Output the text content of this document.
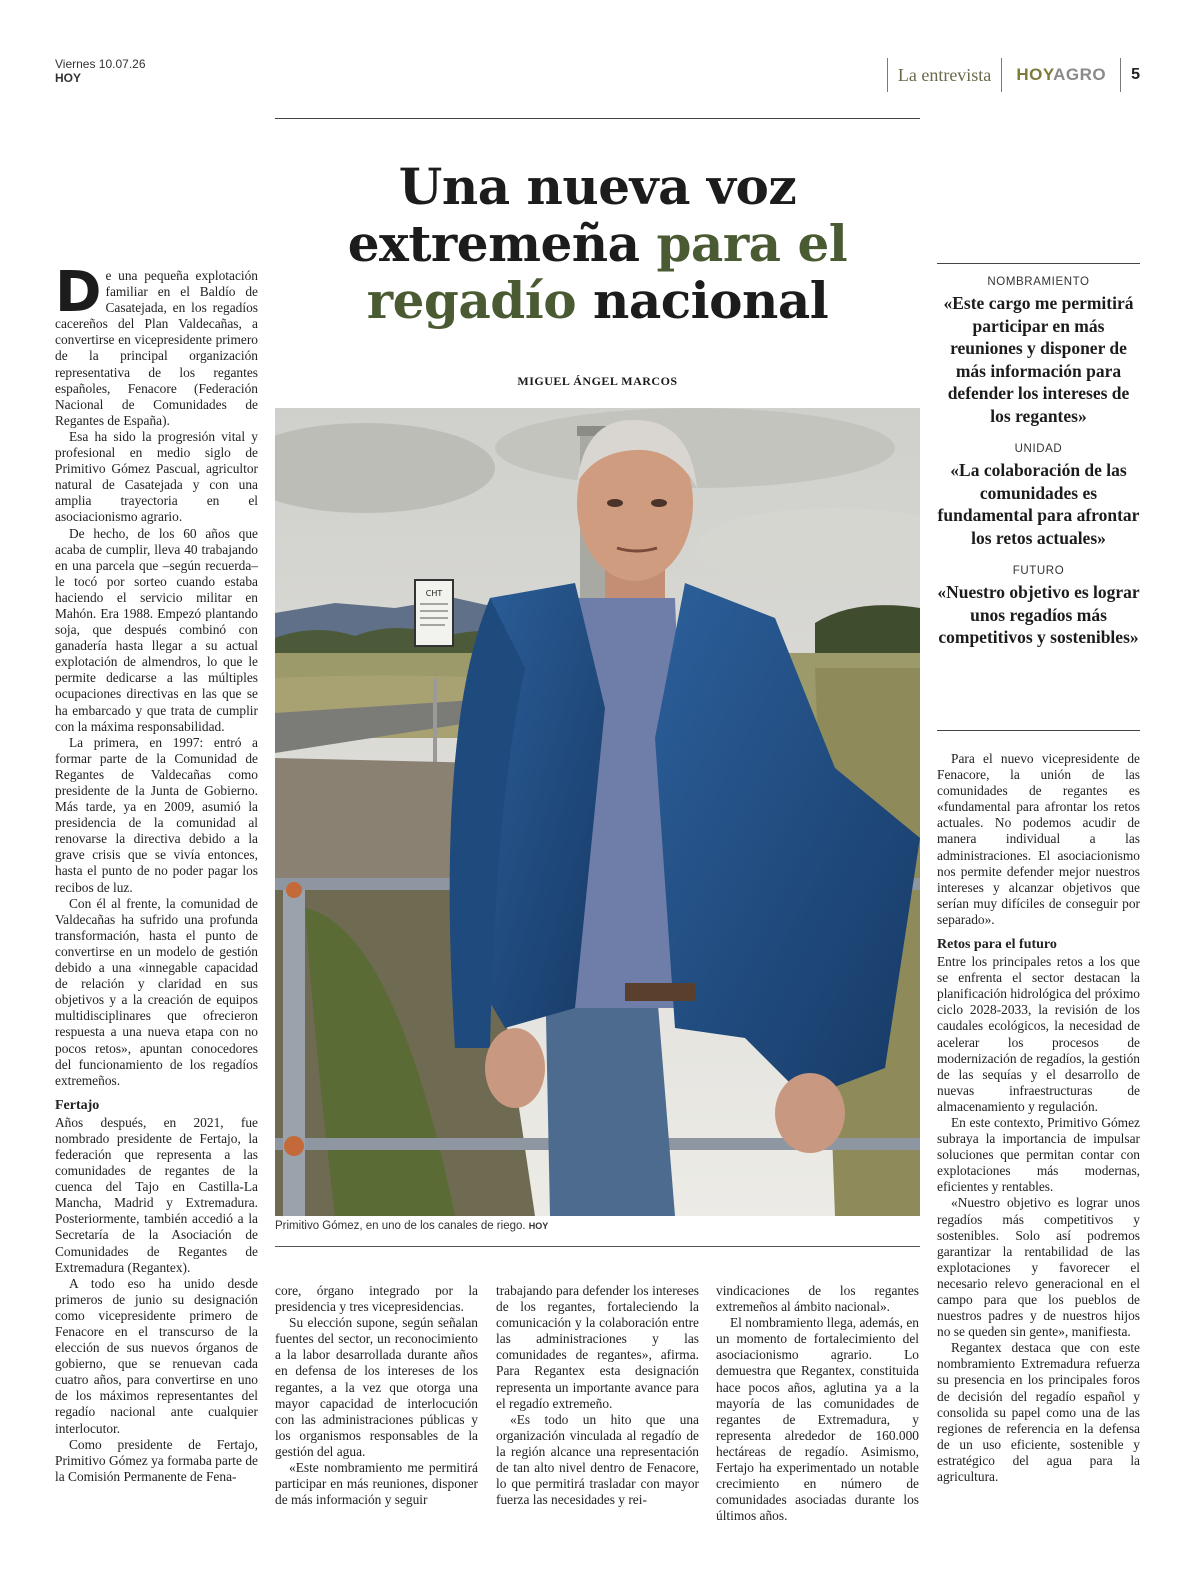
Viernes 10.07.26
HOY	La entrevista	HOYAGRO	5
Una nueva voz
extremeña para el
regadío nacional
MIGUEL ÁNGEL MARCOS
CHT
Primitivo Gómez, en uno de los canales de riego. HOY
NOMBRAMIENTO
«Este cargo me permitirá participar en más reuniones y disponer de más información para defender los intereses de los regantes»
UNIDAD
«La colaboración de las comunidades es fundamental para afrontar los retos actuales»
FUTURO
«Nuestro objetivo es lograr unos regadíos más competitivos y sostenibles»
D e una pequeña explotación familiar en el Baldío de Casatejada, en los regadíos cacereños del Plan Valdecañas, a convertirse en vicepresidente primero de la principal organización representativa de los regantes españoles, Fenacore (Federación Nacional de Comunidades de Regantes de España).

Esa ha sido la progresión vital y profesional en medio siglo de Primitivo Gómez Pascual, agricultor natural de Casatejada y con una amplia trayectoria en el asociacionismo agrario.

De hecho, de los 60 años que acaba de cumplir, lleva 40 trabajando en una parcela que –según recuerda– le tocó por sorteo cuando estaba haciendo el servicio militar en Mahón. Era 1988. Empezó plantando soja, que después combinó con ganadería hasta llegar a su actual explotación de almendros, lo que le permite dedicarse a las múltiples ocupaciones directivas en las que se ha embarcado y que trata de cumplir con la máxima responsabilidad.

La primera, en 1997: entró a formar parte de la Comunidad de Regantes de Valdecañas como presidente de la Junta de Gobierno. Más tarde, ya en 2009, asumió la presidencia de la comunidad al renovarse la directiva debido a la grave crisis que se vivía entonces, hasta el punto de no poder pagar los recibos de luz.

Con él al frente, la comunidad de Valdecañas ha sufrido una profunda transformación, hasta el punto de convertirse en un modelo de gestión debido a una «innegable capacidad de relación y claridad en sus objetivos y a la creación de equipos multidisciplinares que ofrecieron respuesta a una nueva etapa con no pocos retos», apuntan conocedores del funcionamiento de los regadíos extremeños.

Fertajo

Años después, en 2021, fue nombrado presidente de Fertajo, la federación que representa a las comunidades de regantes de la cuenca del Tajo en Castilla-La Mancha, Madrid y Extremadura. Posteriormente, también accedió a la Secretaría de la Asociación de Comunidades de Regantes de Extremadura (Regantex).

A todo eso ha unido desde primeros de junio su designación como vicepresidente primero de Fenacore en el transcurso de la elección de sus nuevos órganos de gobierno, que se renuevan cada cuatro años, para convertirse en uno de los máximos representantes del regadío nacional ante cualquier interlocutor.

Como presidente de Fertajo, Primitivo Gómez ya formaba parte de la Comisión Permanente de Fena-

core, órgano integrado por la presidencia y tres vicepresidencias.

Su elección supone, según señalan fuentes del sector, un reconocimiento a la labor desarrollada durante años en defensa de los intereses de los regantes, a la vez que otorga una mayor capacidad de interlocución con las administraciones públicas y los organismos responsables de la gestión del agua.

«Este nombramiento me permitirá participar en más reuniones, disponer de más información y seguir

trabajando para defender los intereses de los regantes, fortaleciendo la comunicación y la colaboración entre las administraciones y las comunidades de regantes», afirma. Para Regantex esta designación representa un importante avance para el regadío extremeño.

«Es todo un hito que una organización vinculada al regadío de la región alcance una representación de tan alto nivel dentro de Fenacore, lo que permitirá trasladar con mayor fuerza las necesidades y rei-

vindicaciones de los regantes extremeños al ámbito nacional».

El nombramiento llega, además, en un momento de fortalecimiento del asociacionismo agrario. Lo demuestra que Regantex, constituida hace pocos años, aglutina ya a la mayoría de las comunidades de regantes de Extremadura, y representa alrededor de 160.000 hectáreas de regadío. Asimismo, Fertajo ha experimentado un notable crecimiento en número de comunidades asociadas durante los últimos años.

Para el nuevo vicepresidente de Fenacore, la unión de las comunidades de regantes es «fundamental para afrontar los retos actuales. No podemos acudir de manera individual a las administraciones. El asociacionismo nos permite defender mejor nuestros intereses y alcanzar objetivos que serían muy difíciles de conseguir por separado».

Retos para el futuro

Entre los principales retos a los que se enfrenta el sector destacan la planificación hidrológica del próximo ciclo 2028-2033, la revisión de los caudales ecológicos, la necesidad de acelerar los procesos de modernización de regadíos, la gestión de las sequías y el desarrollo de nuevas infraestructuras de almacenamiento y regulación.

En este contexto, Primitivo Gómez subraya la importancia de impulsar soluciones que permitan contar con explotaciones más modernas, eficientes y rentables.

«Nuestro objetivo es lograr unos regadíos más competitivos y sostenibles. Solo así podremos garantizar la rentabilidad de las explotaciones y favorecer el necesario relevo generacional en el campo para que los pueblos de nuestros padres y de nuestros hijos no se queden sin gente», manifiesta.

Regantex destaca que con este nombramiento Extremadura refuerza su presencia en los principales foros de decisión del regadío español y consolida su papel como una de las regiones de referencia en la defensa de un uso eficiente, sostenible y estratégico del agua para la agricultura.
